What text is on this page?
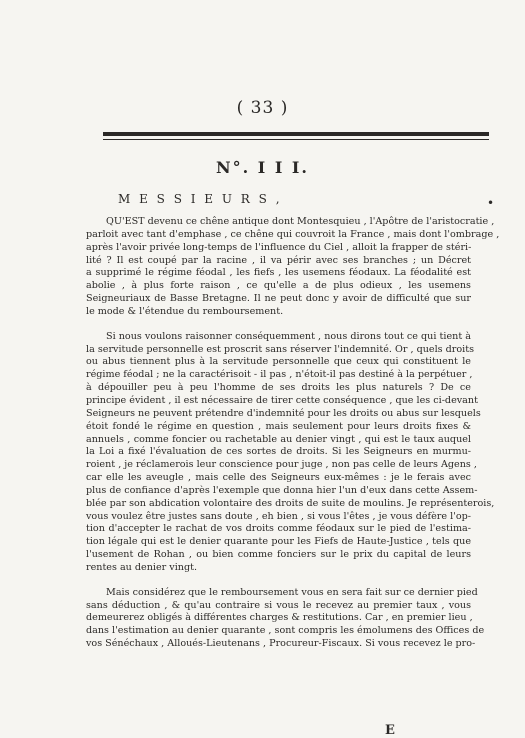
( 33 )
N°. I I I.
M E S S I E U R S ,	•
QU'EST devenu ce chêne antique dont Montesquieu , l'Apôtre de l'aristocratie ,
parloit avec tant d'emphase , ce chêne qui couvroit la France , mais dont l'ombrage ,
après l'avoir privée long-temps de l'influence du Ciel , alloit la frapper de stéri-
lité ? Il est coupé par la racine , il va périr avec ses branches ; un Décret
a supprimé le régime féodal , les fiefs , les usemens féodaux. La féodalité est
abolie , à plus forte raison , ce qu'elle a de plus odieux , les usemens
Seigneuriaux de Basse Bretagne. Il ne peut donc y avoir de difficulté que sur
le mode & l'étendue du remboursement.
Si nous voulons raisonner conséquemment , nous dirons tout ce qui tient à
la servitude personnelle est proscrit sans réserver l'indemnité. Or , quels droits
ou abus tiennent plus à la servitude personnelle que ceux qui constituent le
régime féodal ; ne la caractérisoit - il pas , n'étoit-il pas destiné à la perpétuer ,
à dépouiller peu à peu l'homme de ses droits les plus naturels ? De ce
principe évident , il est nécessaire de tirer cette conséquence , que les ci-devant
Seigneurs ne peuvent prétendre d'indemnité pour les droits ou abus sur lesquels
étoit fondé le régime en question , mais seulement pour leurs droits fixes &
annuels , comme foncier ou rachetable au denier vingt , qui est le taux auquel
la Loi a fixé l'évaluation de ces sortes de droits. Si les Seigneurs en murmu-
roient , je réclamerois leur conscience pour juge , non pas celle de leurs Agens ,
car elle les aveugle , mais celle des Seigneurs eux-mêmes : je le ferais avec
plus de confiance d'après l'exemple que donna hier l'un d'eux dans cette Assem-
blée par son abdication volontaire des droits de suite de moulins. Je représenterois,
vous voulez être justes sans doute , eh bien , si vous l'êtes , je vous défère l'op-
tion d'accepter le rachat de vos droits comme féodaux sur le pied de l'estima-
tion légale qui est le denier quarante pour les Fiefs de Haute-Justice , tels que
l'usement de Rohan , ou bien comme fonciers sur le prix du capital de leurs
rentes au denier vingt.
Mais considérez que le remboursement vous en sera fait sur ce dernier pied
sans déduction , & qu'au contraire si vous le recevez au premier taux , vous
demeurerez obligés à différentes charges & restitutions. Car , en premier lieu ,
dans l'estimation au denier quarante , sont compris les émolumens des Offices de
vos Sénéchaux , Alloués-Lieutenans , Procureur-Fiscaux. Si vous recevez le pro-
E
